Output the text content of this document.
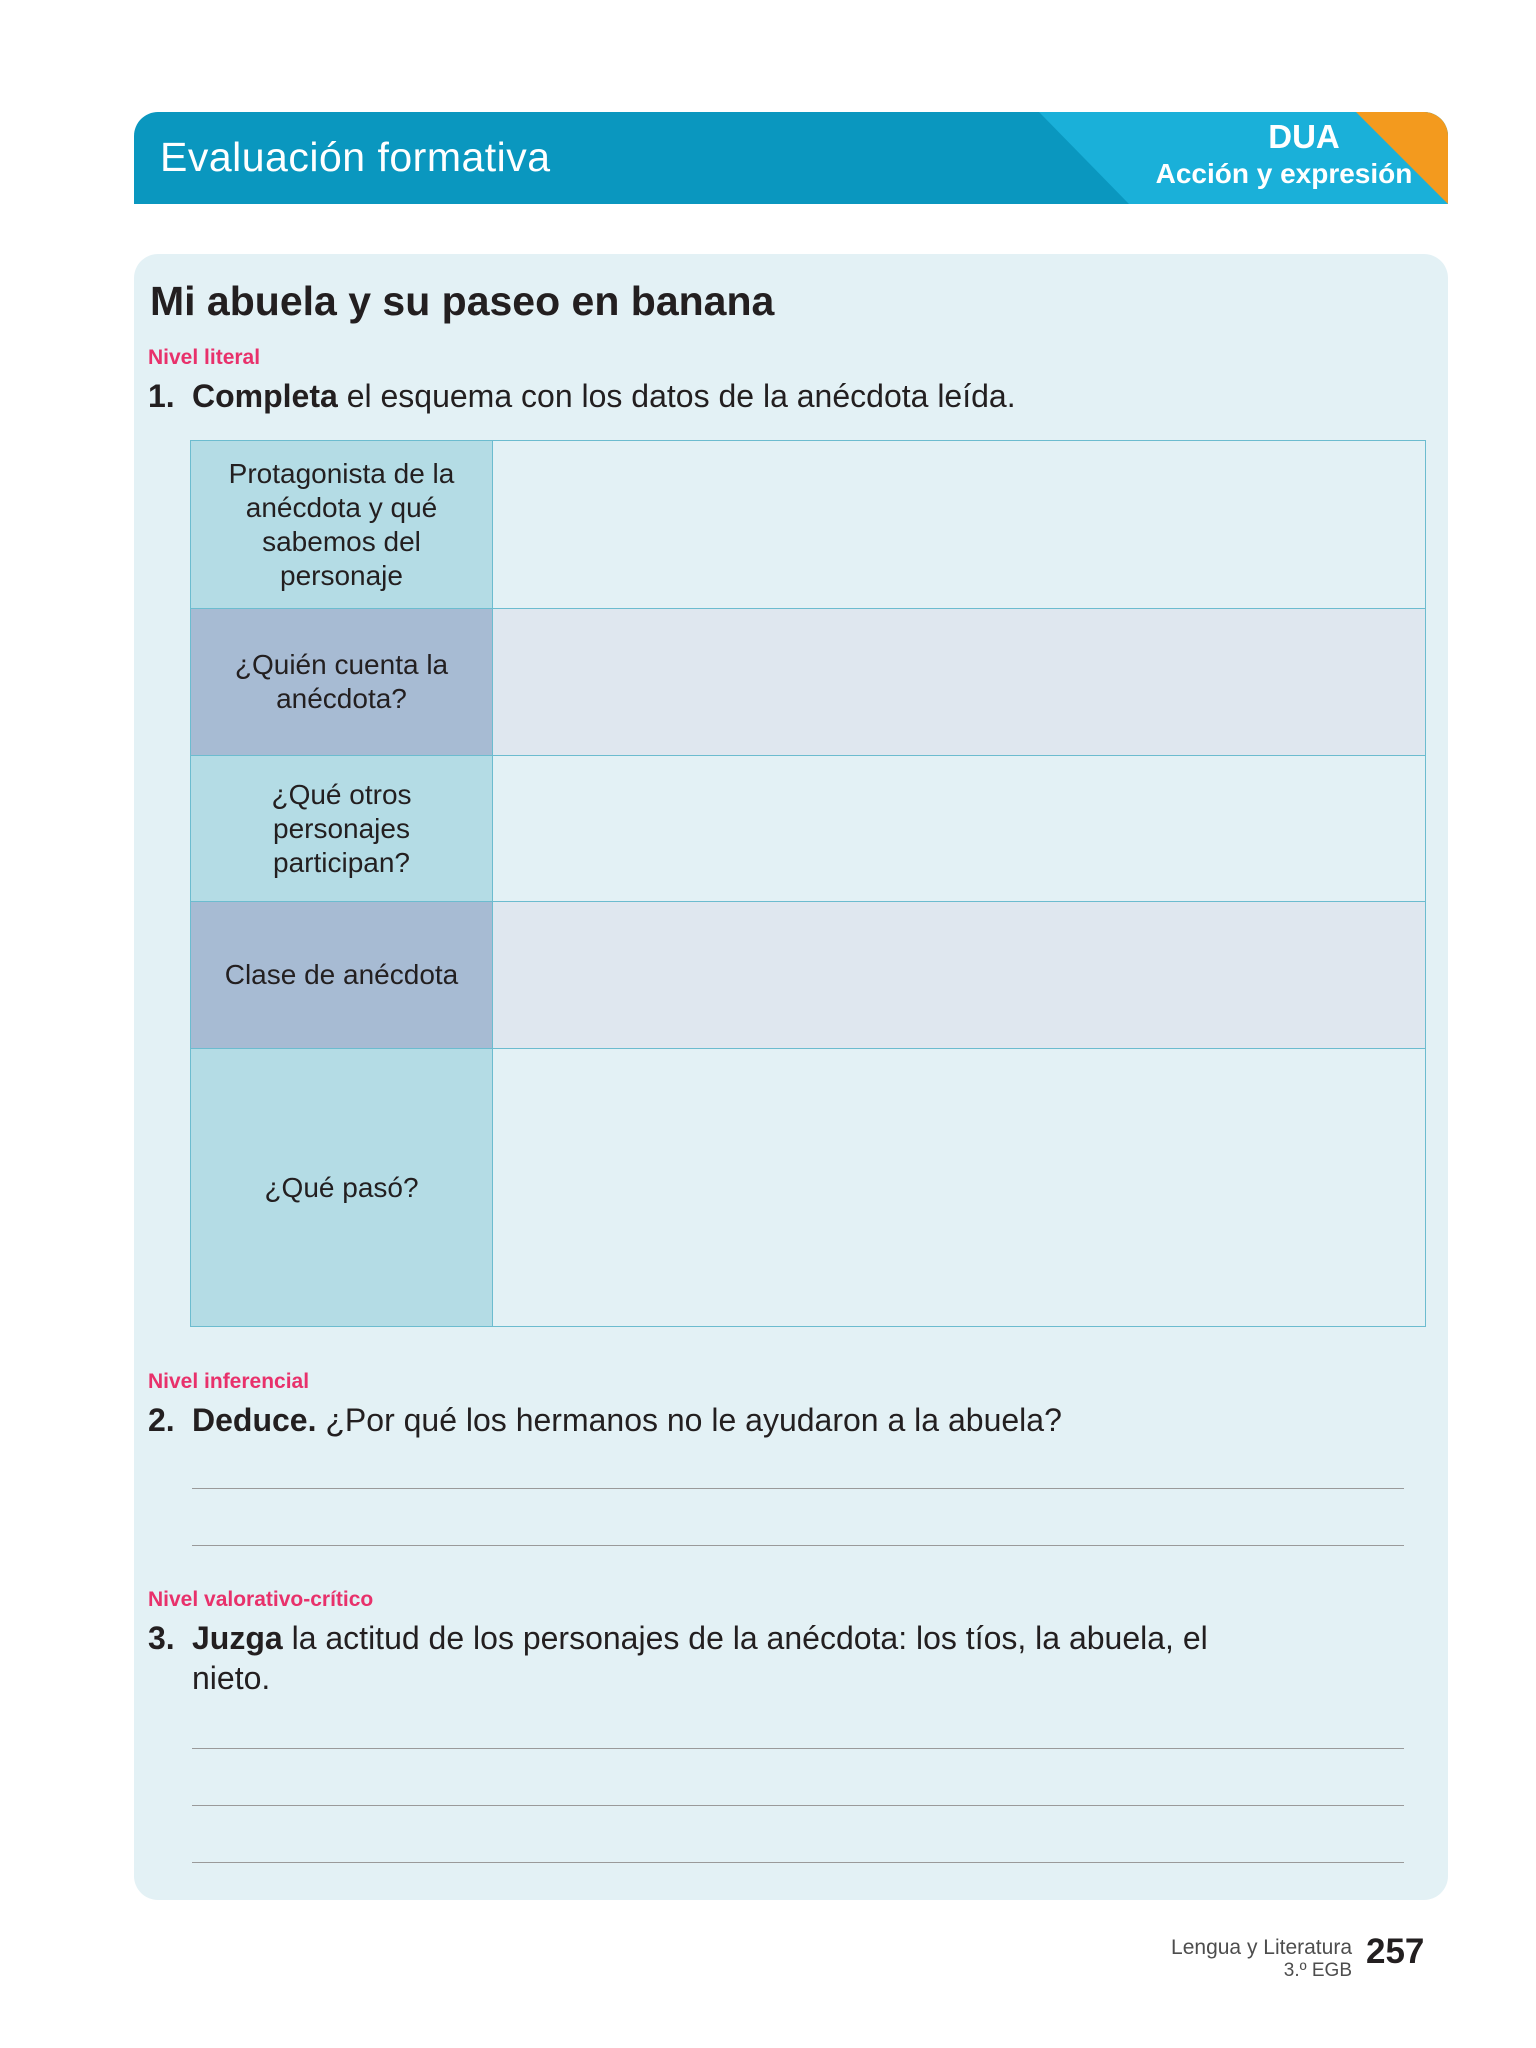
Evaluación formativa	DUA
Acción y expresión
Mi abuela y su paseo en banana
Nivel literal
1. Completa el esquema con los datos de la anécdota leída.
Protagonista de la anécdota y qué sabemos del personaje	
¿Quién cuenta la anécdota?	
¿Qué otros personajes participan?	
Clase de anécdota	
¿Qué pasó?	
Nivel inferencial
2. Deduce. ¿Por qué los hermanos no le ayudaron a la abuela?
Nivel valorativo-crítico
3. Juzga la actitud de los personajes de la anécdota: los tíos, la abuela, el
nieto.
Lengua y Literatura
3.º EGB 257
